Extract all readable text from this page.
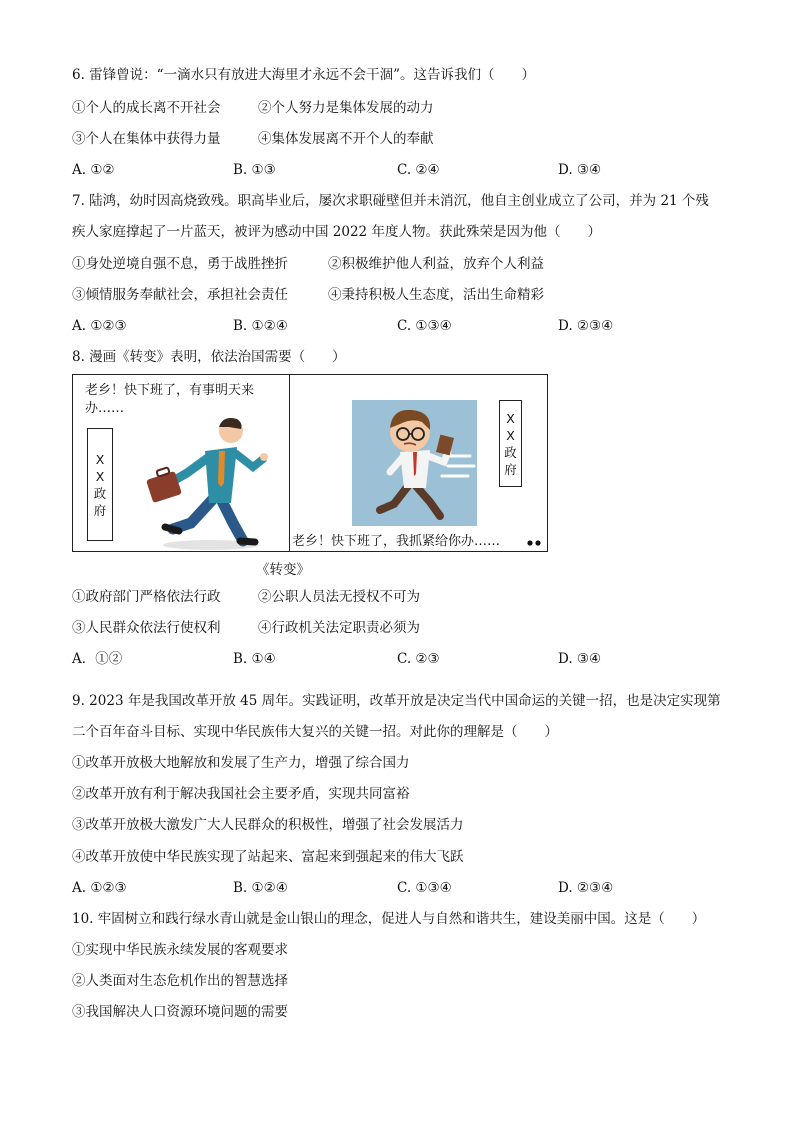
6. 雷锋曾说：“一滴水只有放进大海里才永远不会干涸”。这告诉我们（　　）
①个人的成长离不开社会	②个人努力是集体发展的动力
③个人在集体中获得力量	④集体发展离不开个人的奉献
A. ①②	B. ①③	C. ②④	D. ③④
7. 陆鸿，幼时因高烧致残。职高毕业后，屡次求职碰壁但并未消沉，他自主创业成立了公司，并为 21 个残
疾人家庭撑起了一片蓝天，被评为感动中国 2022 年度人物。获此殊荣是因为他（　　）
①身处逆境自强不息，勇于战胜挫折	②积极维护他人利益，放弃个人利益
③倾情服务奉献社会，承担社会责任	④秉持积极人生态度，活出生命精彩
A. ①②③	B. ①②④	C. ①③④	D. ②③④
8. 漫画《转变》表明，依法治国需要（　　）
老乡！快下班了，有事明天来
办……
X
X
政
府
X
X
政
府
老乡！快下班了，我抓紧给你办……
《转变》
①政府部门严格依法行政	②公职人员法无授权不可为
③人民群众依法行使权利	④行政机关法定职责必须为
A．①②	B. ①④	C. ②③	D. ③④
9. 2023 年是我国改革开放 45 周年。实践证明，改革开放是决定当代中国命运的关键一招，也是决定实现第
二个百年奋斗目标、实现中华民族伟大复兴的关键一招。对此你的理解是（　　）
①改革开放极大地解放和发展了生产力，增强了综合国力
②改革开放有利于解决我国社会主要矛盾，实现共同富裕
③改革开放极大激发广大人民群众的积极性，增强了社会发展活力
④改革开放使中华民族实现了站起来、富起来到强起来的伟大飞跃
A. ①②③	B. ①②④	C. ①③④	D. ②③④
10. 牢固树立和践行绿水青山就是金山银山的理念，促进人与自然和谐共生，建设美丽中国。这是（　　）
①实现中华民族永续发展的客观要求
②人类面对生态危机作出的智慧选择
③我国解决人口资源环境问题的需要
